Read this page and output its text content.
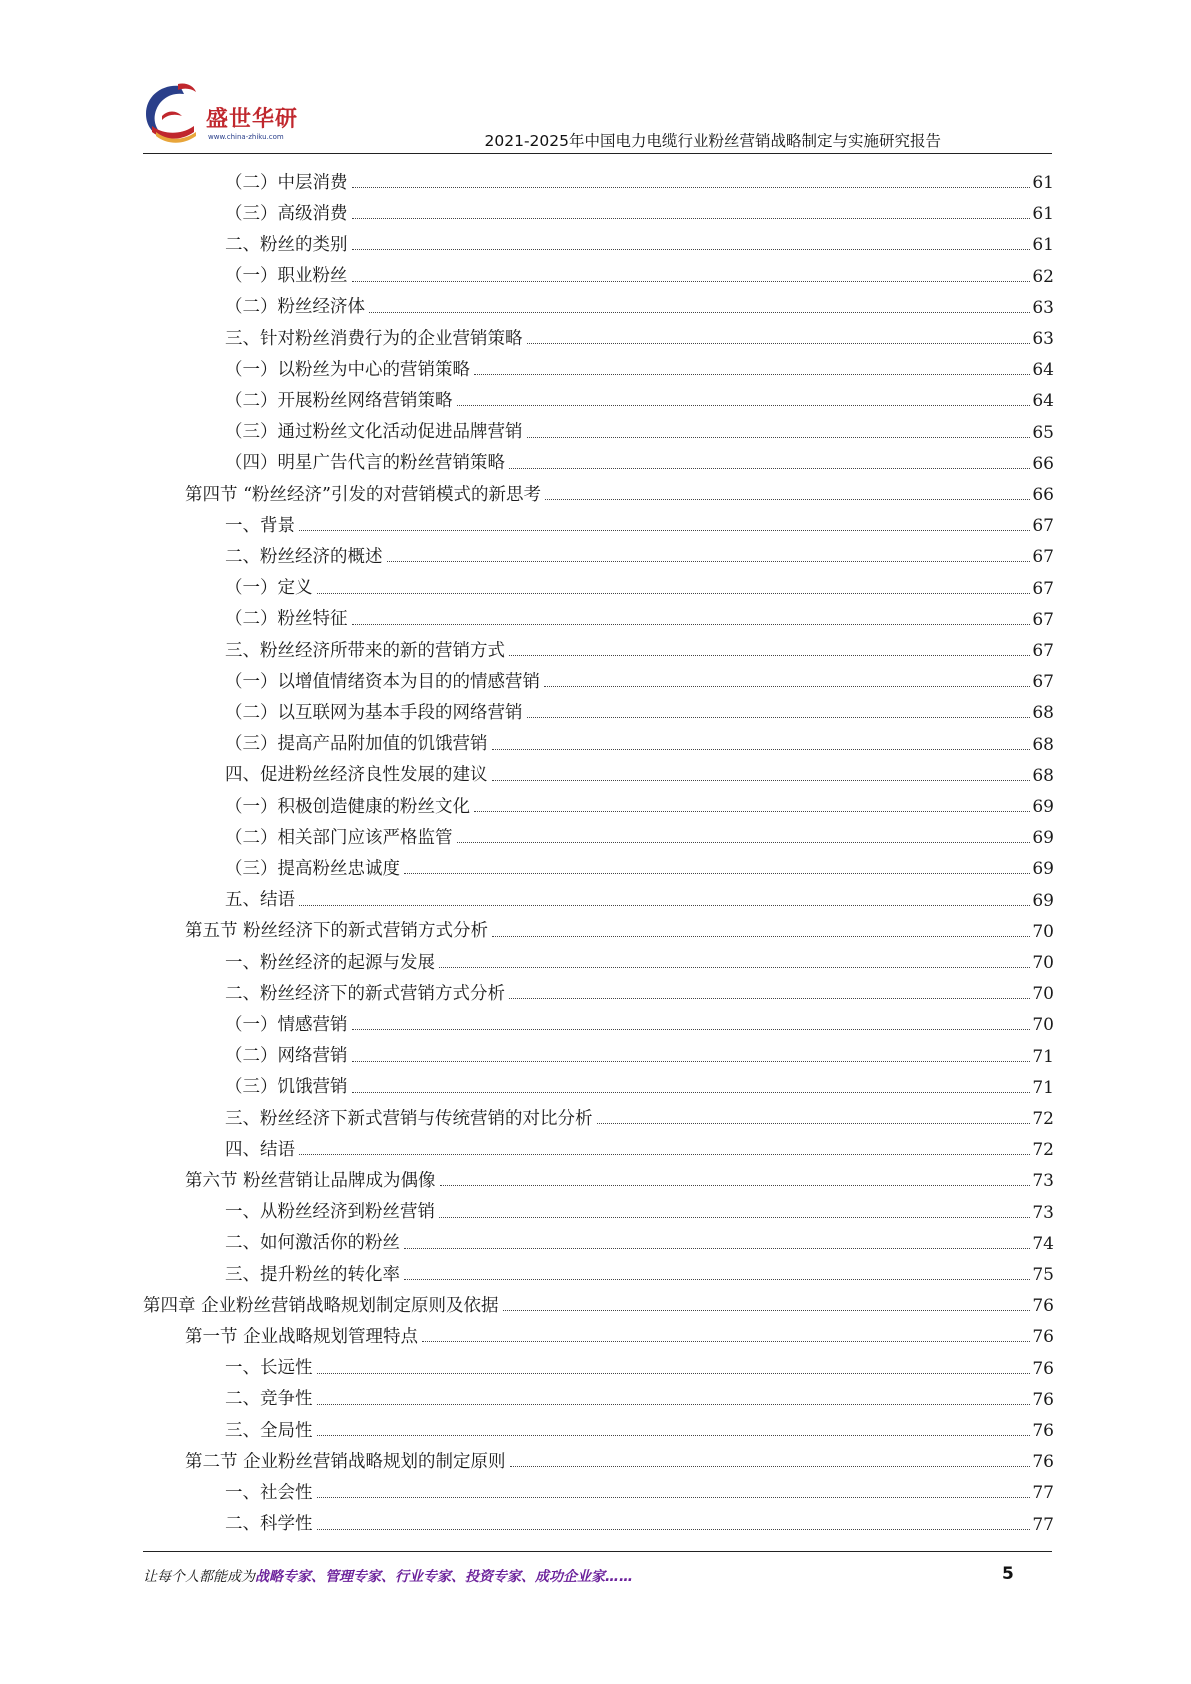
盛世华研
www.china-zhiku.com	2021-2025年中国电力电缆行业粉丝营销战略制定与实施研究报告
（二）中层消费	61
（三）高级消费	61
二、粉丝的类别	61
（一）职业粉丝	62
（二）粉丝经济体	63
三、针对粉丝消费行为的企业营销策略	63
（一）以粉丝为中心的营销策略	64
（二）开展粉丝网络营销策略	64
（三）通过粉丝文化活动促进品牌营销	65
（四）明星广告代言的粉丝营销策略	66
第四节 “粉丝经济”引发的对营销模式的新思考	66
一、背景	67
二、粉丝经济的概述	67
（一）定义	67
（二）粉丝特征	67
三、粉丝经济所带来的新的营销方式	67
（一）以增值情绪资本为目的的情感营销	67
（二）以互联网为基本手段的网络营销	68
（三）提高产品附加值的饥饿营销	68
四、促进粉丝经济良性发展的建议	68
（一）积极创造健康的粉丝文化	69
（二）相关部门应该严格监管	69
（三）提高粉丝忠诚度	69
五、结语	69
第五节 粉丝经济下的新式营销方式分析	70
一、粉丝经济的起源与发展	70
二、粉丝经济下的新式营销方式分析	70
（一）情感营销	70
（二）网络营销	71
（三）饥饿营销	71
三、粉丝经济下新式营销与传统营销的对比分析	72
四、结语	72
第六节 粉丝营销让品牌成为偶像	73
一、从粉丝经济到粉丝营销	73
二、如何激活你的粉丝	74
三、提升粉丝的转化率	75
第四章 企业粉丝营销战略规划制定原则及依据	76
第一节 企业战略规划管理特点	76
一、长远性	76
二、竞争性	76
三、全局性	76
第二节 企业粉丝营销战略规划的制定原则	76
一、社会性	77
二、科学性	77
让每个人都能成为战略专家、管理专家、行业专家、投资专家、成功企业家……	5
